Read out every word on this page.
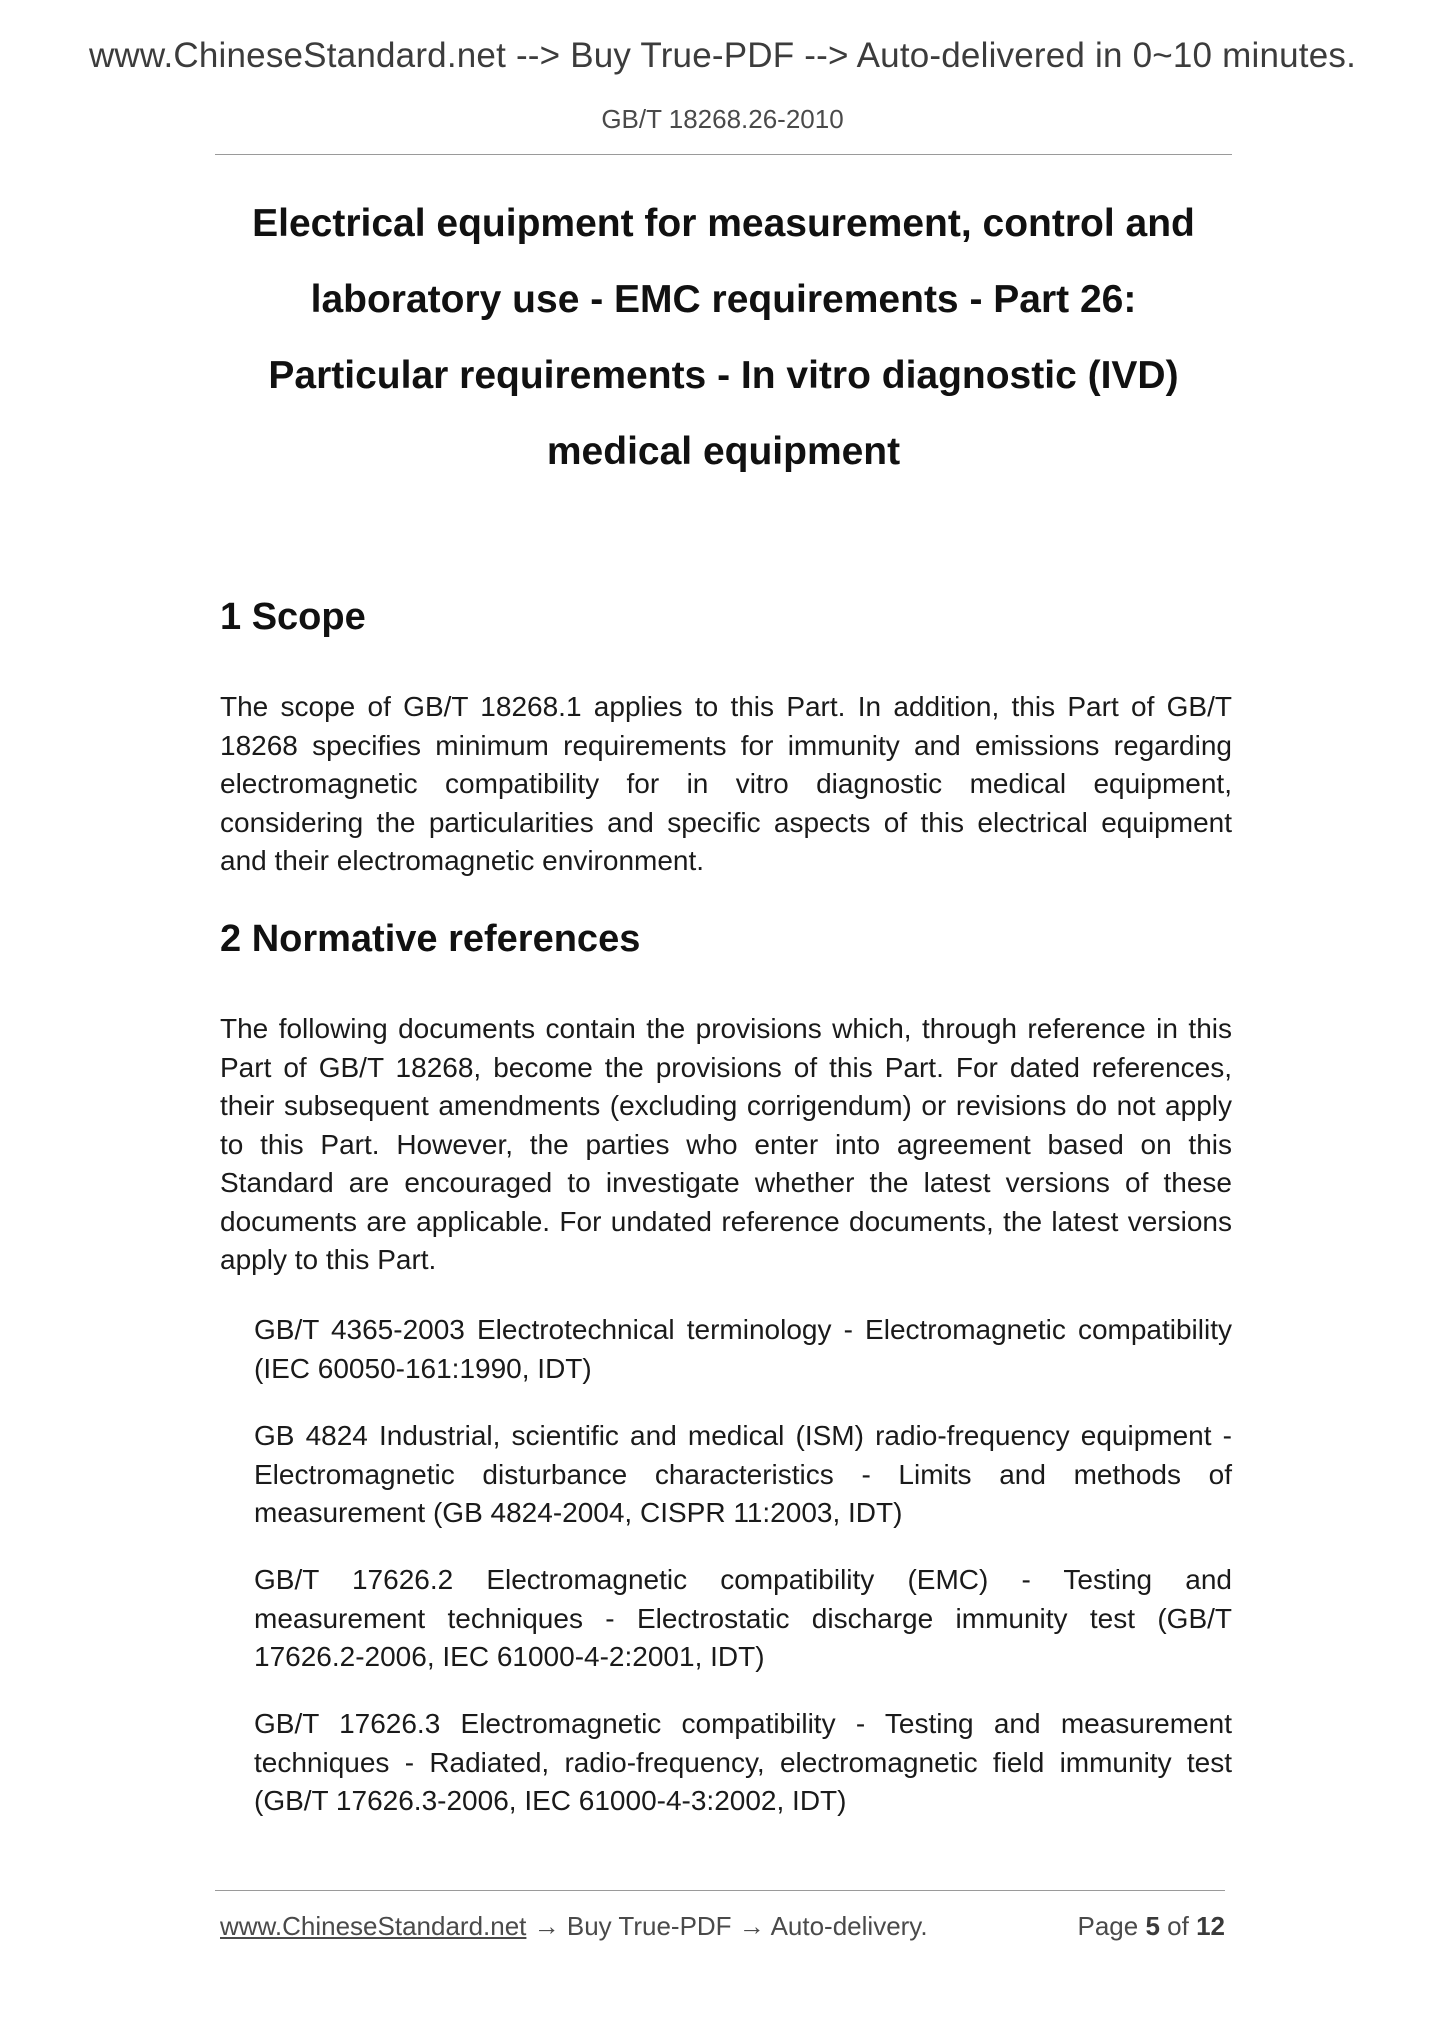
www.ChineseStandard.net --> Buy True-PDF --> Auto-delivered in 0~10 minutes.
GB/T 18268.26-2010
Electrical equipment for measurement, control and
laboratory use - EMC requirements - Part 26:
Particular requirements - In vitro diagnostic (IVD)
medical equipment
1 Scope

The scope of GB/T 18268.1 applies to this Part. In addition, this Part of GB/T 18268 specifies minimum requirements for immunity and emissions regarding electromagnetic compatibility for in vitro diagnostic medical equipment, considering the particularities and specific aspects of this electrical equipment and their electromagnetic environment.

2 Normative references

The following documents contain the provisions which, through reference in this Part of GB/T 18268, become the provisions of this Part. For dated references, their subsequent amendments (excluding corrigendum) or revisions do not apply to this Part. However, the parties who enter into agreement based on this Standard are encouraged to investigate whether the latest versions of these documents are applicable. For undated reference documents, the latest versions apply to this Part.

GB/T 4365-2003 Electrotechnical terminology - Electromagnetic compatibility (IEC 60050-161:1990, IDT)

GB 4824 Industrial, scientific and medical (ISM) radio-frequency equipment - Electromagnetic disturbance characteristics - Limits and methods of measurement (GB 4824-2004, CISPR 11:2003, IDT)

GB/T 17626.2 Electromagnetic compatibility (EMC) - Testing and measurement techniques - Electrostatic discharge immunity test (GB/T 17626.2-2006, IEC 61000-4-2:2001, IDT)

GB/T 17626.3 Electromagnetic compatibility - Testing and measurement techniques - Radiated, radio-frequency, electromagnetic field immunity test (GB/T 17626.3-2006, IEC 61000-4-3:2002, IDT)

www.ChineseStandard.net → Buy True-PDF → Auto-delivery.	Page 5 of 12
